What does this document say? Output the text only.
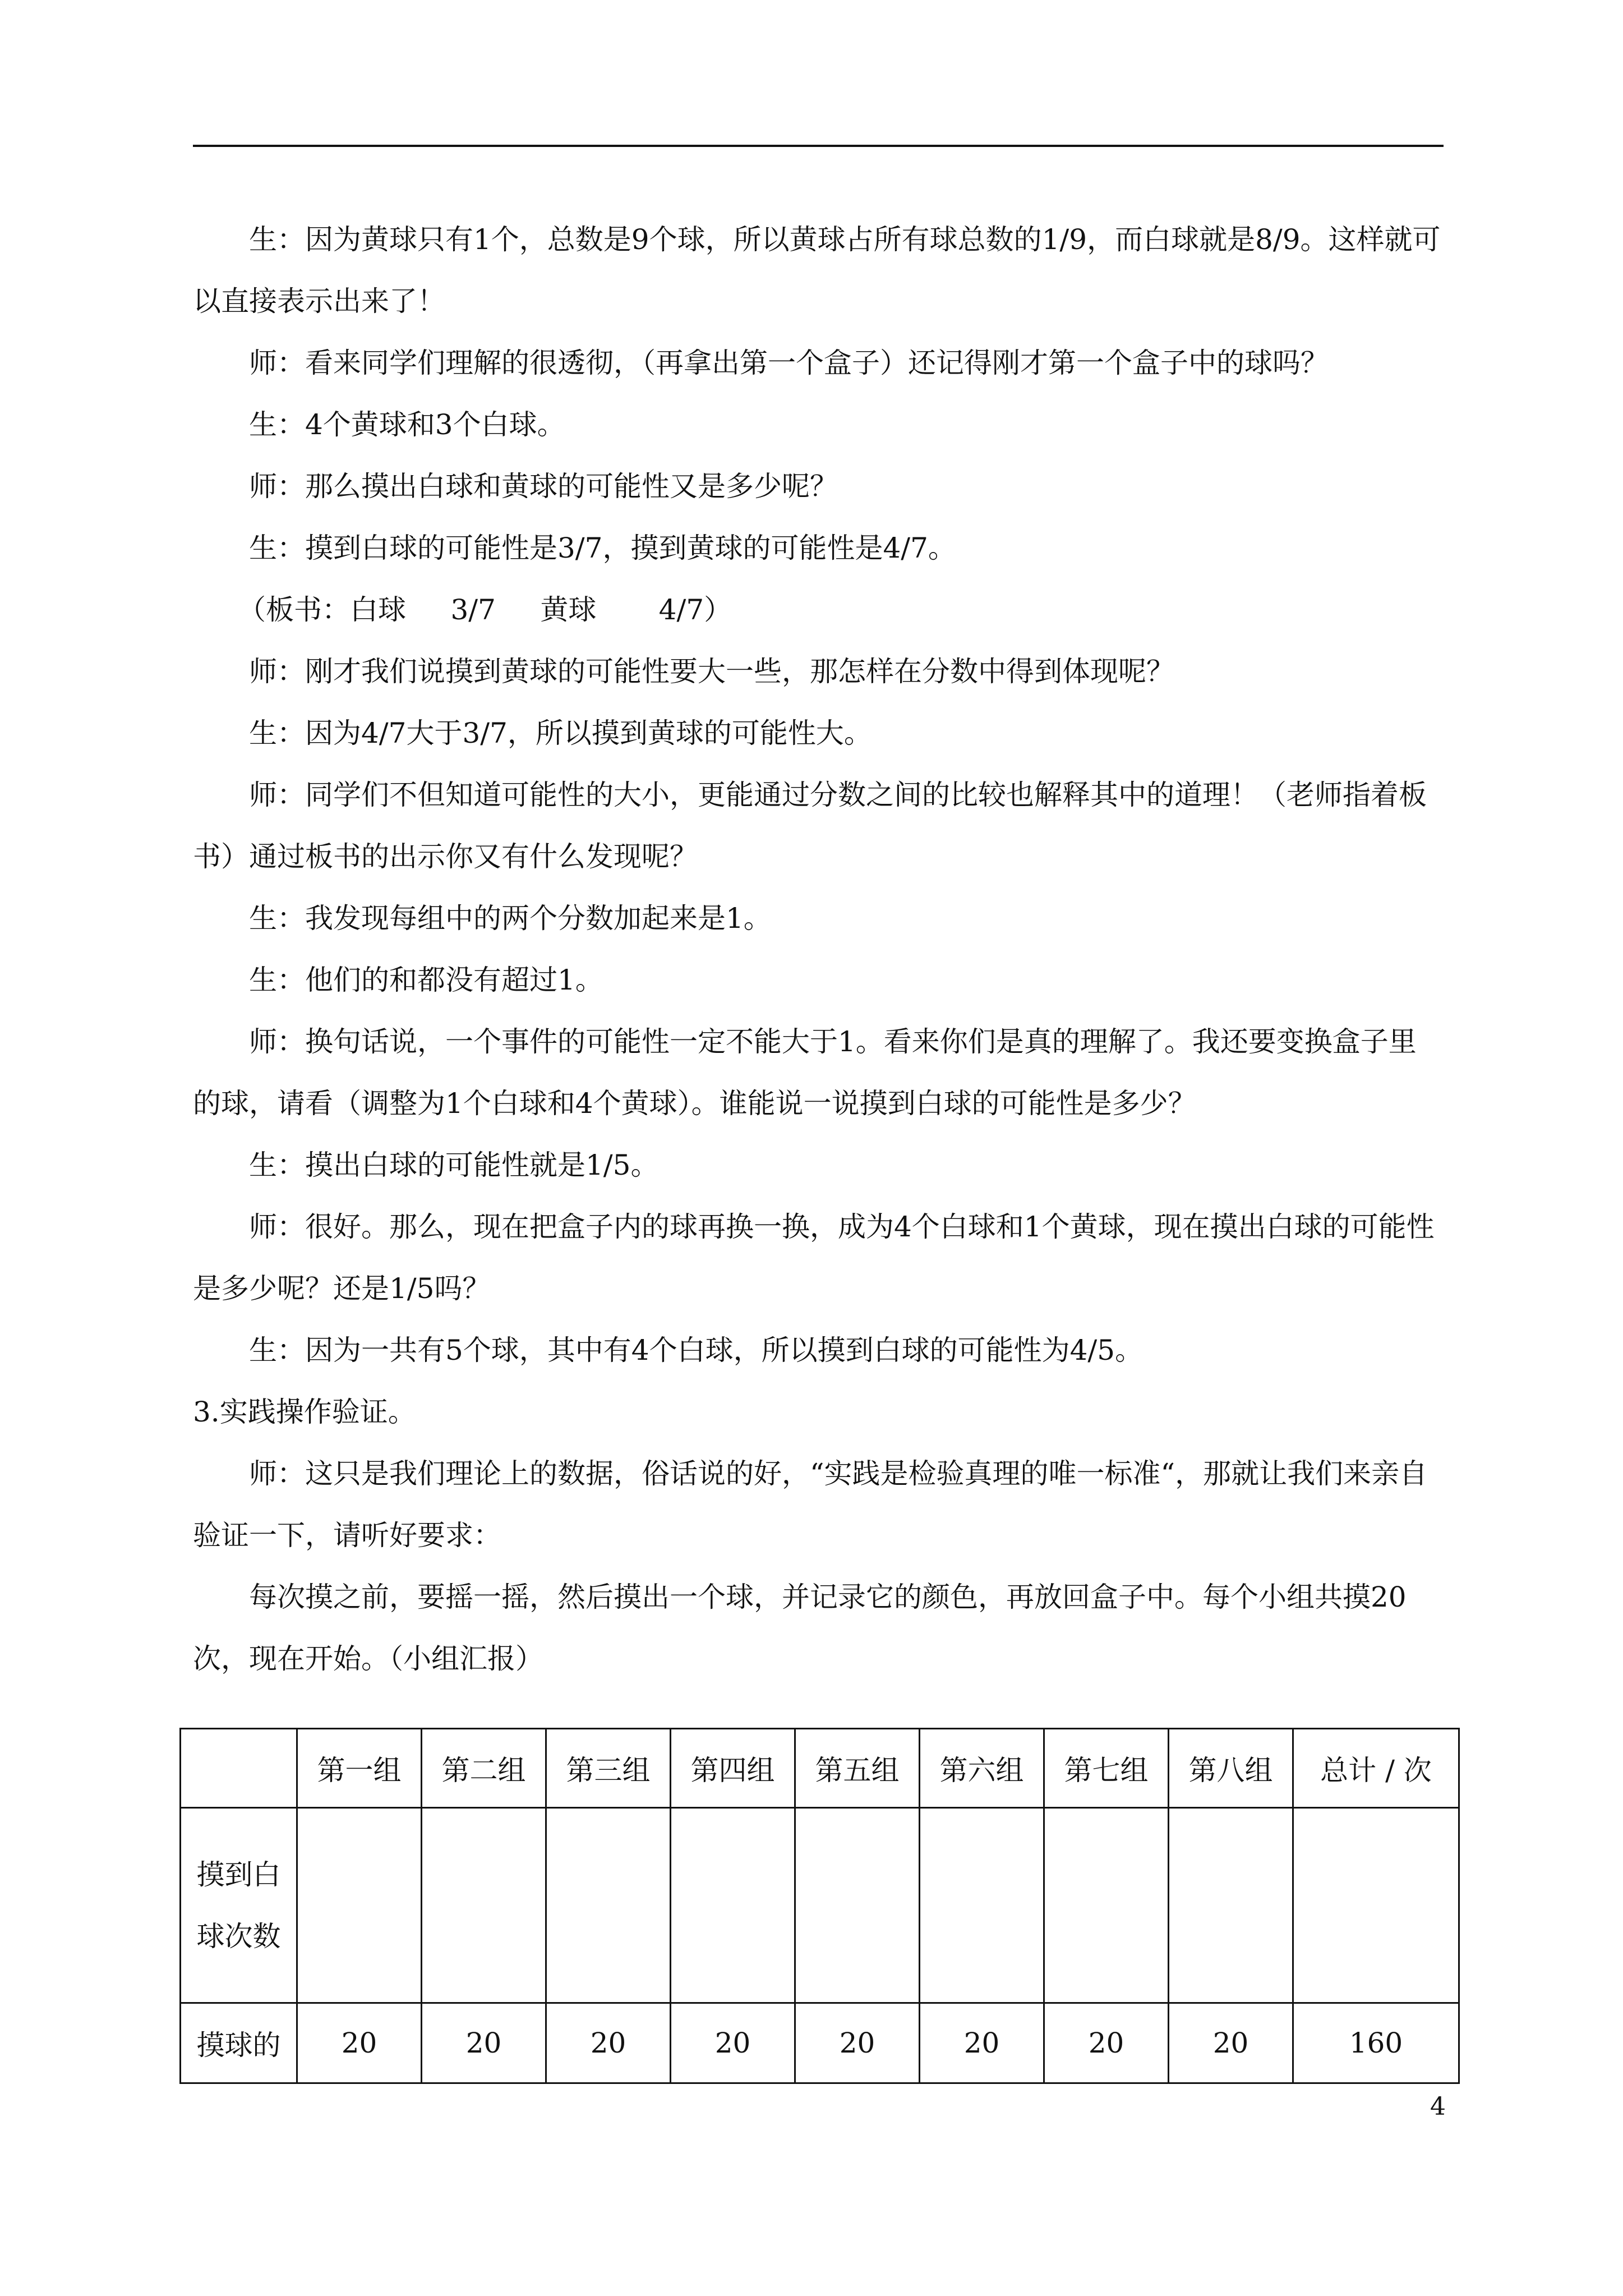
生：因为黄球只有1个，总数是9个球，所以黄球占所有球总数的1/9，而白球就是8/9。这样就可以直接表示出来了！

师：看来同学们理解的很透彻，（再拿出第一个盒子）还记得刚才第一个盒子中的球吗？

生：4个黄球和3个白球。

师：那么摸出白球和黄球的可能性又是多少呢？

生：摸到白球的可能性是3/7，摸到黄球的可能性是4/7。

（板书：白球     3/7     黄球       4/7）

师：刚才我们说摸到黄球的可能性要大一些，那怎样在分数中得到体现呢？

生：因为4/7大于3/7，所以摸到黄球的可能性大。

师：同学们不但知道可能性的大小，更能通过分数之间的比较也解释其中的道理！（老师指着板书）通过板书的出示你又有什么发现呢？

生：我发现每组中的两个分数加起来是1。

生：他们的和都没有超过1。

师：换句话说，一个事件的可能性一定不能大于1。看来你们是真的理解了。我还要变换盒子里的球，请看（调整为1个白球和4个黄球）。谁能说一说摸到白球的可能性是多少？

生：摸出白球的可能性就是1/5。

师：很好。那么，现在把盒子内的球再换一换，成为4个白球和1个黄球，现在摸出白球的可能性是多少呢？还是1/5吗？

生：因为一共有5个球，其中有4个白球，所以摸到白球的可能性为4/5。

3.实践操作验证。

师：这只是我们理论上的数据，俗话说的好，“实践是检验真理的唯一标准“，那就让我们来亲自验证一下，请听好要求：

每次摸之前，要摇一摇，然后摸出一个球，并记录它的颜色，再放回盒子中。每个小组共摸20次，现在开始。（小组汇报）

	第一组	第二组	第三组	第四组	第五组	第六组	第七组	第八组	总计 / 次

摸到白
球次数									

摸球的	20	20	20	20	20	20	20	20	160
4
